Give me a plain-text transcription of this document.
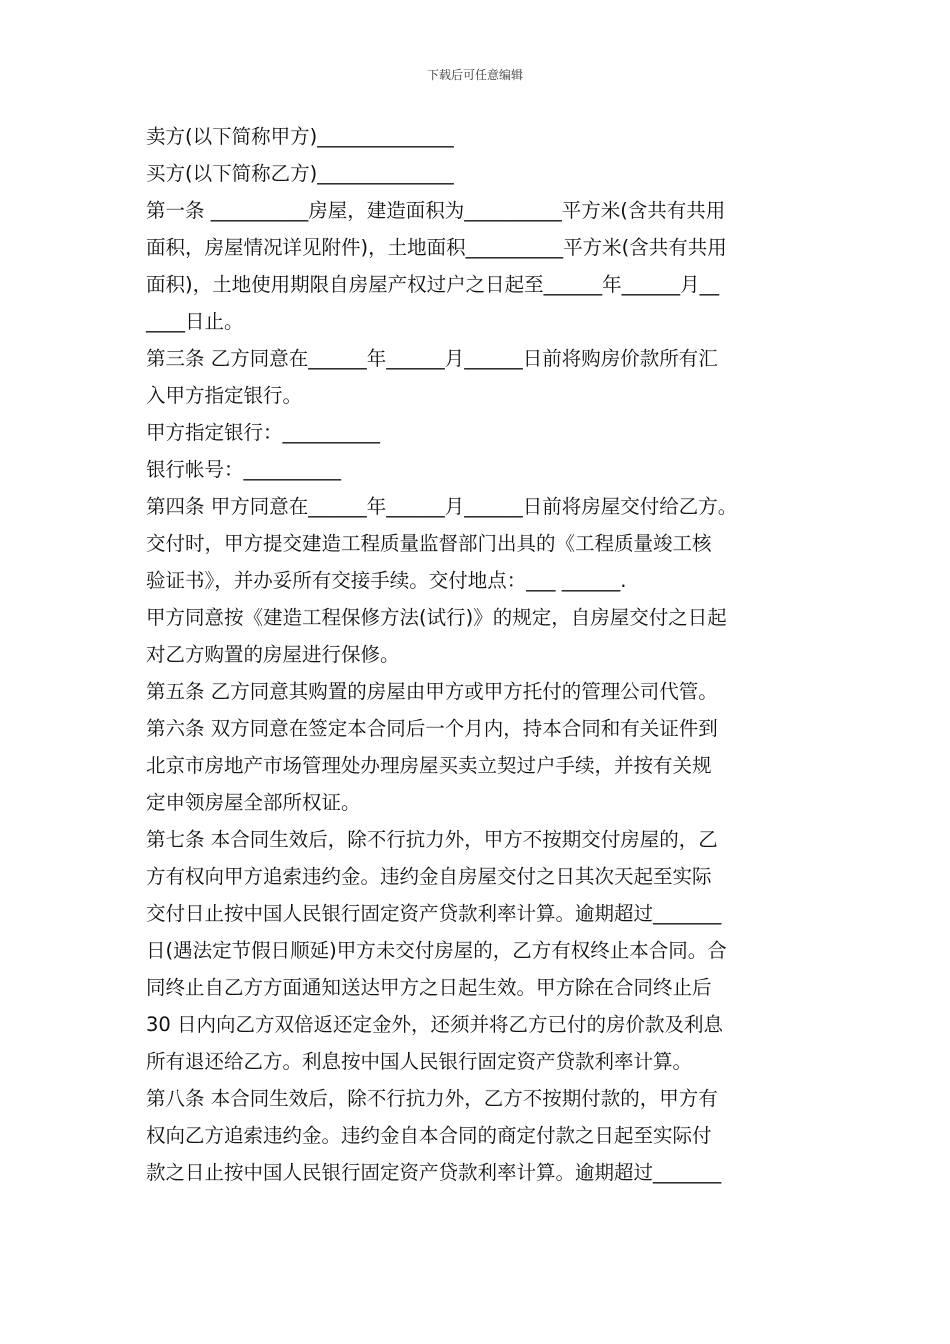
下载后可任意编辑
卖方(以下简称甲方)______________
买方(以下简称乙方)______________
第一条 __________房屋，建造面积为__________平方米(含共有共用
面积，房屋情况详见附件)，土地面积__________平方米(含共有共用
面积)，土地使用期限自房屋产权过户之日起至______年______月__
____日止。
第三条 乙方同意在______年______月______日前将购房价款所有汇
入甲方指定银行。
甲方指定银行：__________
银行帐号：__________
第四条 甲方同意在______年______月______日前将房屋交付给乙方。
交付时，甲方提交建造工程质量监督部门出具的《工程质量竣工核
验证书》，并办妥所有交接手续。交付地点：___ ______.
甲方同意按《建造工程保修方法(试行)》的规定，自房屋交付之日起
对乙方购置的房屋进行保修。
第五条 乙方同意其购置的房屋由甲方或甲方托付的管理公司代管。
第六条 双方同意在签定本合同后一个月内，持本合同和有关证件到
北京市房地产市场管理处办理房屋买卖立契过户手续，并按有关规
定申领房屋全部所权证。
第七条 本合同生效后，除不行抗力外，甲方不按期交付房屋的，乙
方有权向甲方追索违约金。违约金自房屋交付之日其次天起至实际
交付日止按中国人民银行固定资产贷款利率计算。逾期超过_______
日(遇法定节假日顺延)甲方未交付房屋的，乙方有权终止本合同。合
同终止自乙方方面通知送达甲方之日起生效。甲方除在合同终止后
30 日内向乙方双倍返还定金外，还须并将乙方已付的房价款及利息
所有退还给乙方。利息按中国人民银行固定资产贷款利率计算。
第八条 本合同生效后，除不行抗力外，乙方不按期付款的，甲方有
权向乙方追索违约金。违约金自本合同的商定付款之日起至实际付
款之日止按中国人民银行固定资产贷款利率计算。逾期超过_______
